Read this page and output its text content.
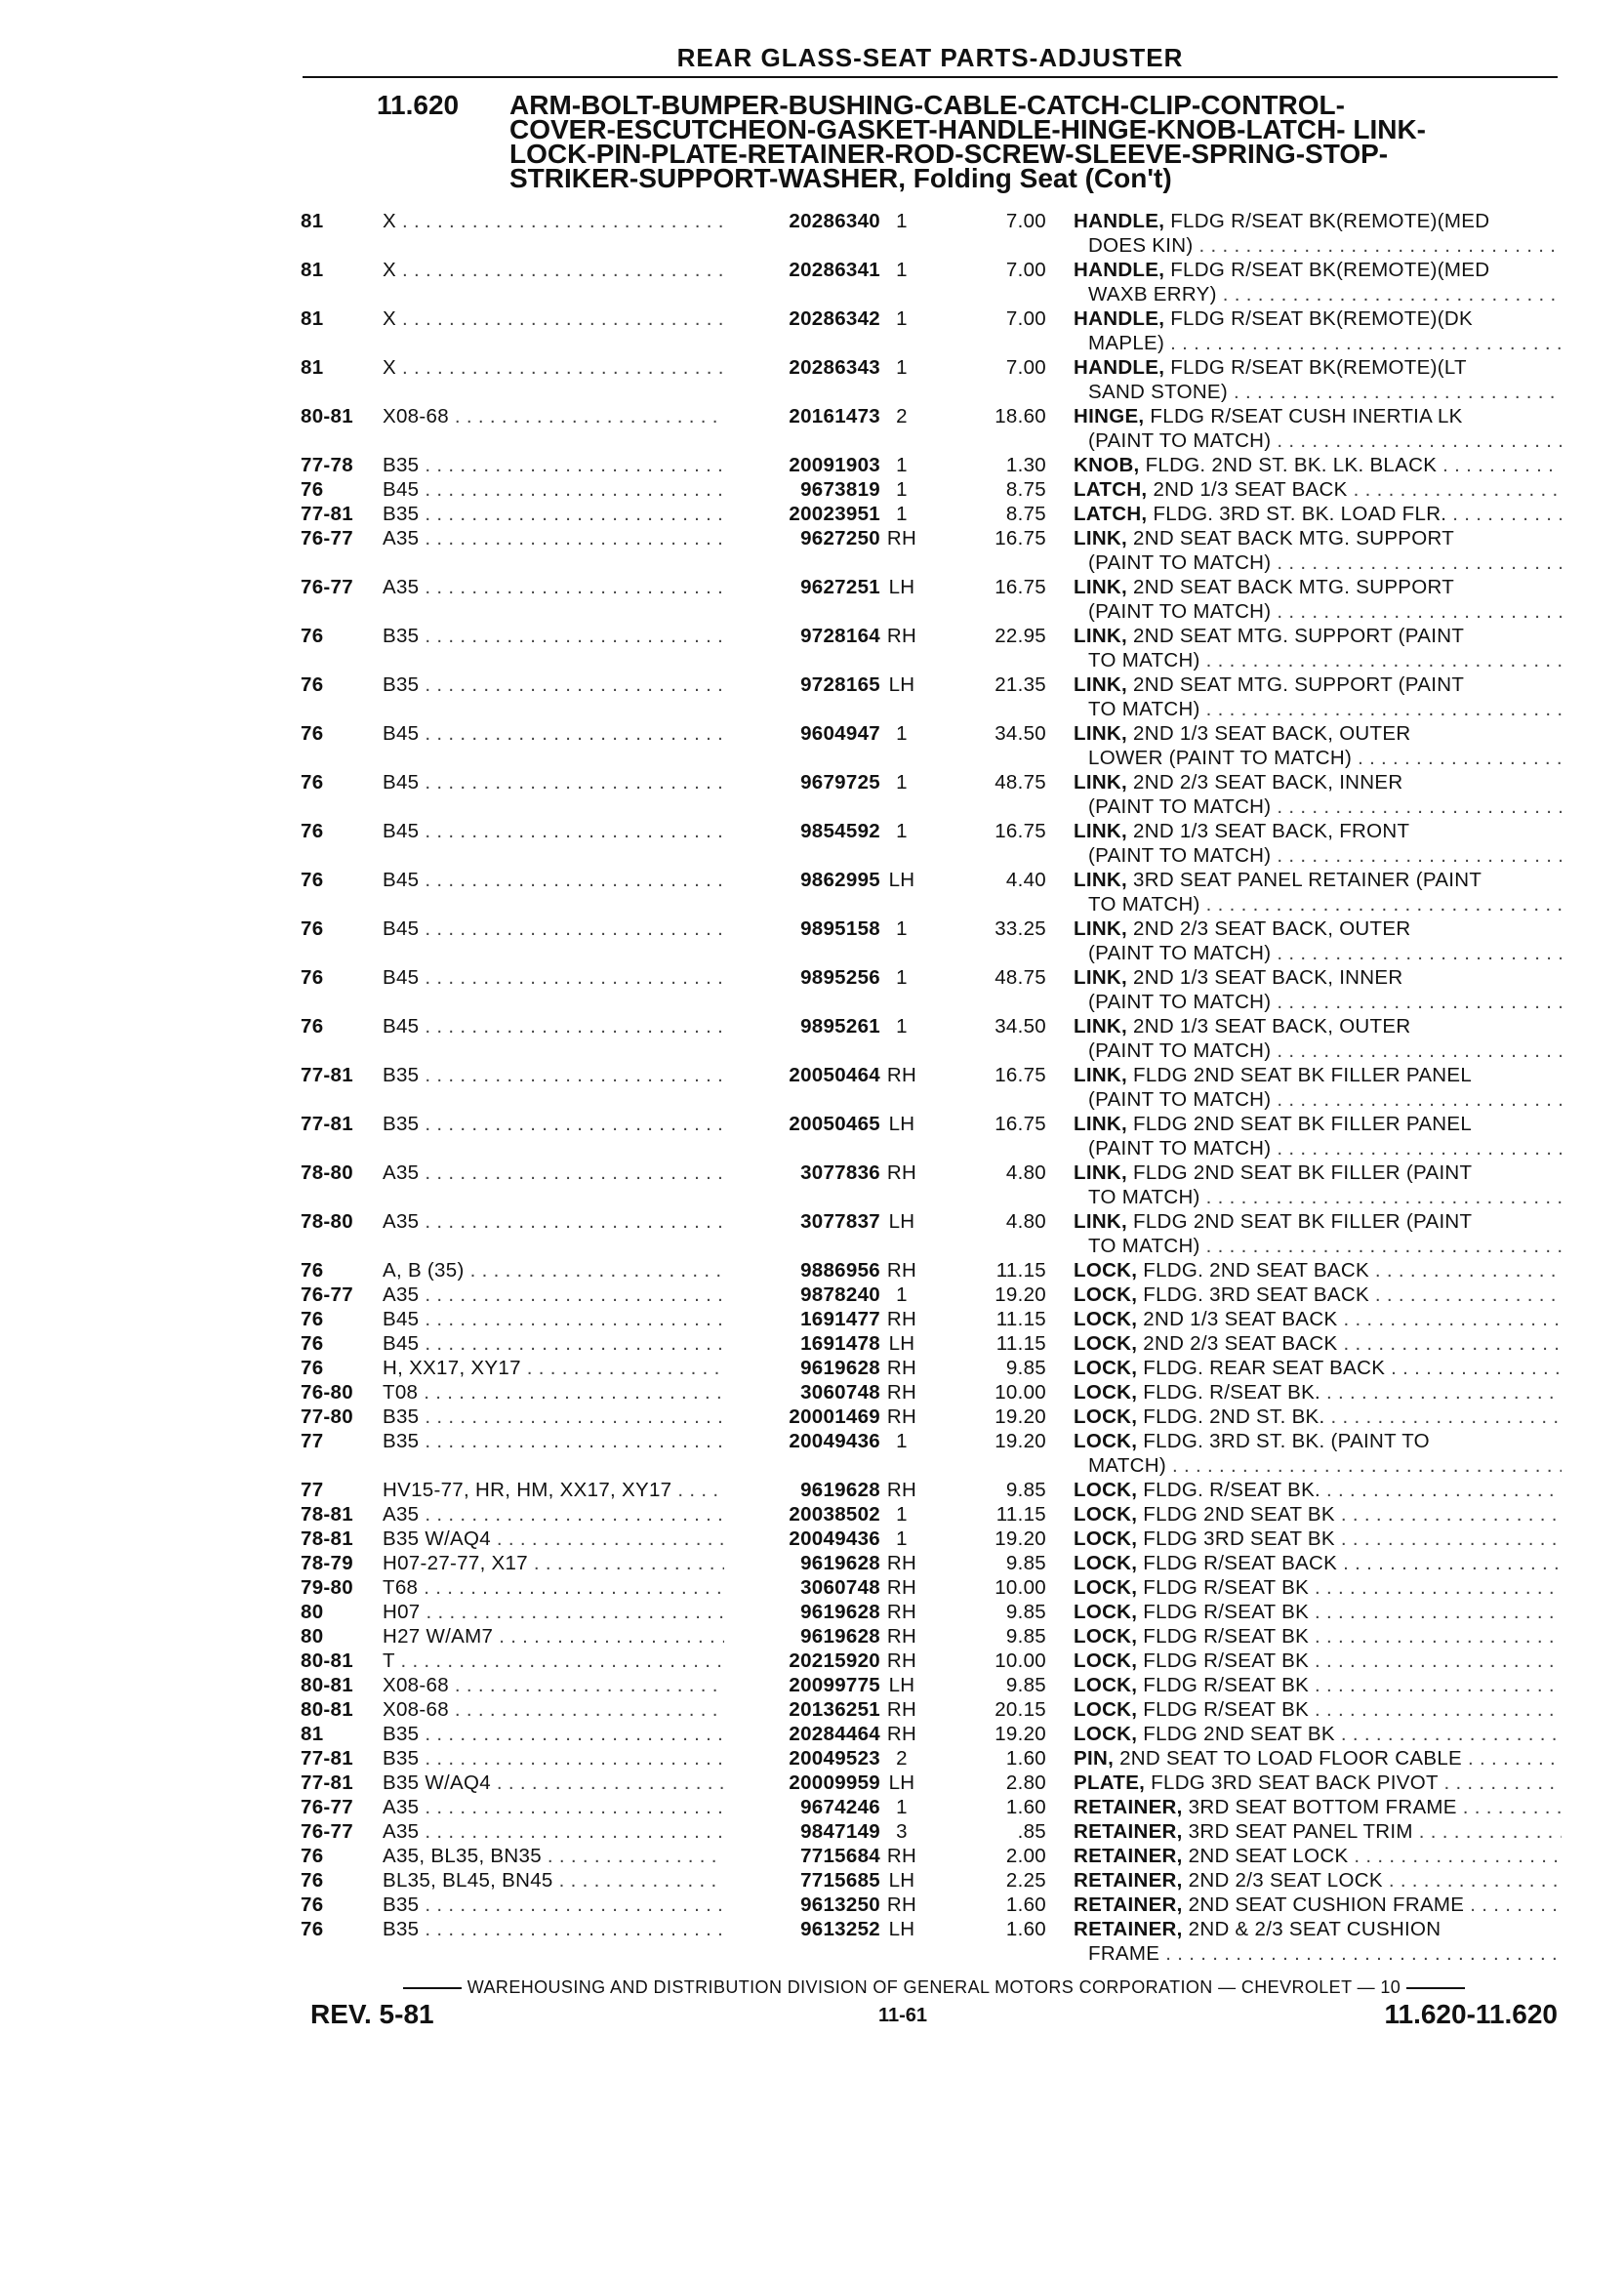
REAR GLASS-SEAT PARTS-ADJUSTER
11.620 ARM-BOLT-BUMPER-BUSHING-CABLE-CATCH-CLIP-CONTROL-
COVER-ESCUTCHEON-GASKET-HANDLE-HINGE-KNOB-LATCH- LINK-
LOCK-PIN-PLATE-RETAINER-ROD-SCREW-SLEEVE-SPRING-STOP-
STRIKER-SUPPORT-WASHER, Folding Seat (Con't)
81	X . . .	20286340 1	7.00 HANDLE, FLDG R/SEAT BK(REMOTE)(MED
DOES KIN) . . .
81	X . . .	20286341 1	7.00 HANDLE, FLDG R/SEAT BK(REMOTE)(MED
WAXB ERRY) . . .
81	X . . .	20286342 1	7.00 HANDLE, FLDG R/SEAT BK(REMOTE)(DK
MAPLE) . . .
81	X . . .	20286343 1	7.00 HANDLE, FLDG R/SEAT BK(REMOTE)(LT
SAND STONE) . . .
80-81 X08-68 . . .	20161473 2	18.60 HINGE, FLDG R/SEAT CUSH INERTIA LK
(PAINT TO MATCH) . . .
77-78 B35 . . .	20091903 1	1.30 KNOB, FLDG. 2ND ST. BK. LK. BLACK . . .
76	B45 . . .	9673819 1	8.75 LATCH, 2ND 1/3 SEAT BACK . . .
77-81 B35 . . .	20023951 1	8.75 LATCH, FLDG. 3RD ST. BK. LOAD FLR. . . .
76-77 A35 . . .	9627250 RH	16.75 LINK, 2ND SEAT BACK MTG. SUPPORT
(PAINT TO MATCH) . . .
76-77 A35 . . .	9627251 LH	16.75 LINK, 2ND SEAT BACK MTG. SUPPORT
(PAINT TO MATCH) . . .
76	B35 . . .	9728164 RH	22.95 LINK, 2ND SEAT MTG. SUPPORT (PAINT
TO MATCH) . . .
76	B35 . . .	9728165 LH	21.35 LINK, 2ND SEAT MTG. SUPPORT (PAINT
TO MATCH) . . .
76	B45 . . .	9604947 1	34.50 LINK, 2ND 1/3 SEAT BACK, OUTER
LOWER (PAINT TO MATCH) . . .
76	B45 . . .	9679725 1	48.75 LINK, 2ND 2/3 SEAT BACK, INNER
(PAINT TO MATCH) . . .
76	B45 . . .	9854592 1	16.75 LINK, 2ND 1/3 SEAT BACK, FRONT
(PAINT TO MATCH) . . .
76	B45 . . .	9862995 LH	4.40 LINK, 3RD SEAT PANEL RETAINER (PAINT
TO MATCH) . . .
76	B45 . . .	9895158 1	33.25 LINK, 2ND 2/3 SEAT BACK, OUTER
(PAINT TO MATCH) . . .
76	B45 . . .	9895256 1	48.75 LINK, 2ND 1/3 SEAT BACK, INNER
(PAINT TO MATCH) . . .
76	B45 . . .	9895261 1	34.50 LINK, 2ND 1/3 SEAT BACK, OUTER
(PAINT TO MATCH) . . .
77-81 B35 . . .	20050464 RH	16.75 LINK, FLDG 2ND SEAT BK FILLER PANEL
(PAINT TO MATCH) . . .
77-81 B35 . . .	20050465 LH	16.75 LINK, FLDG 2ND SEAT BK FILLER PANEL
(PAINT TO MATCH) . . .
78-80 A35 . . .	3077836 RH	4.80 LINK, FLDG 2ND SEAT BK FILLER (PAINT
TO MATCH) . . .
78-80 A35 . . .	3077837 LH	4.80 LINK, FLDG 2ND SEAT BK FILLER (PAINT
TO MATCH) . . .
76	A, B (35) . . .	9886956 RH	11.15 LOCK, FLDG. 2ND SEAT BACK . . .
76-77 A35 . . .	9878240 1	19.20 LOCK, FLDG. 3RD SEAT BACK . . .
76	B45 . . .	1691477 RH	11.15 LOCK, 2ND 1/3 SEAT BACK . . .
76	B45 . . .	1691478 LH	11.15 LOCK, 2ND 2/3 SEAT BACK . . .
76	H, XX17, XY17 . . .	9619628 RH	9.85 LOCK, FLDG. REAR SEAT BACK . . .
76-80 T08 . . .	3060748 RH	10.00 LOCK, FLDG. R/SEAT BK. . . .
77-80 B35 . . .	20001469 RH	19.20 LOCK, FLDG. 2ND ST. BK. . . .
77	B35 . . .	20049436 1	19.20 LOCK, FLDG. 3RD ST. BK. (PAINT TO
MATCH) . . .
77	HV15-77, HR, HM, XX17, XY17 . . .	9619628 RH	9.85 LOCK, FLDG. R/SEAT BK. . . .
78-81 A35 . . .	20038502 1	11.15 LOCK, FLDG 2ND SEAT BK . . .
78-81 B35 W/AQ4 . . .	20049436 1	19.20 LOCK, FLDG 3RD SEAT BK . . .
78-79 H07-27-77, X17 . . .	9619628 RH	9.85 LOCK, FLDG R/SEAT BACK . . .
79-80 T68 . . .	3060748 RH	10.00 LOCK, FLDG R/SEAT BK . . .
80	H07 . . .	9619628 RH	9.85 LOCK, FLDG R/SEAT BK . . .
80	H27 W/AM7 . . .	9619628 RH	9.85 LOCK, FLDG R/SEAT BK . . .
80-81 T . . .	20215920 RH	10.00 LOCK, FLDG R/SEAT BK . . .
80-81 X08-68 . . .	20099775 LH	9.85 LOCK, FLDG R/SEAT BK . . .
80-81 X08-68 . . .	20136251 RH	20.15 LOCK, FLDG R/SEAT BK . . .
81	B35 . . .	20284464 RH	19.20 LOCK, FLDG 2ND SEAT BK . . .
77-81 B35 . . .	20049523 2	1.60 PIN, 2ND SEAT TO LOAD FLOOR CABLE . . .
77-81 B35 W/AQ4 . . .	20009959 LH	2.80 PLATE, FLDG 3RD SEAT BACK PIVOT . . .
76-77 A35 . . .	9674246 1	1.60 RETAINER, 3RD SEAT BOTTOM FRAME . . .
76-77 A35 . . .	9847149 3	.85 RETAINER, 3RD SEAT PANEL TRIM . . .
76	A35, BL35, BN35 . . .	7715684 RH	2.00 RETAINER, 2ND SEAT LOCK . . .
76	BL35, BL45, BN45 . . .	7715685 LH	2.25 RETAINER, 2ND 2/3 SEAT LOCK . . .
76	B35 . . .	9613250 RH	1.60 RETAINER, 2ND SEAT CUSHION FRAME . . .
76	B35 . . .	9613252 LH	1.60 RETAINER, 2ND & 2/3 SEAT CUSHION
FRAME . . .
WAREHOUSING AND DISTRIBUTION DIVISION OF GENERAL MOTORS CORPORATION — CHEVROLET — 10
REV. 5-81	11-61	11.620-11.620
